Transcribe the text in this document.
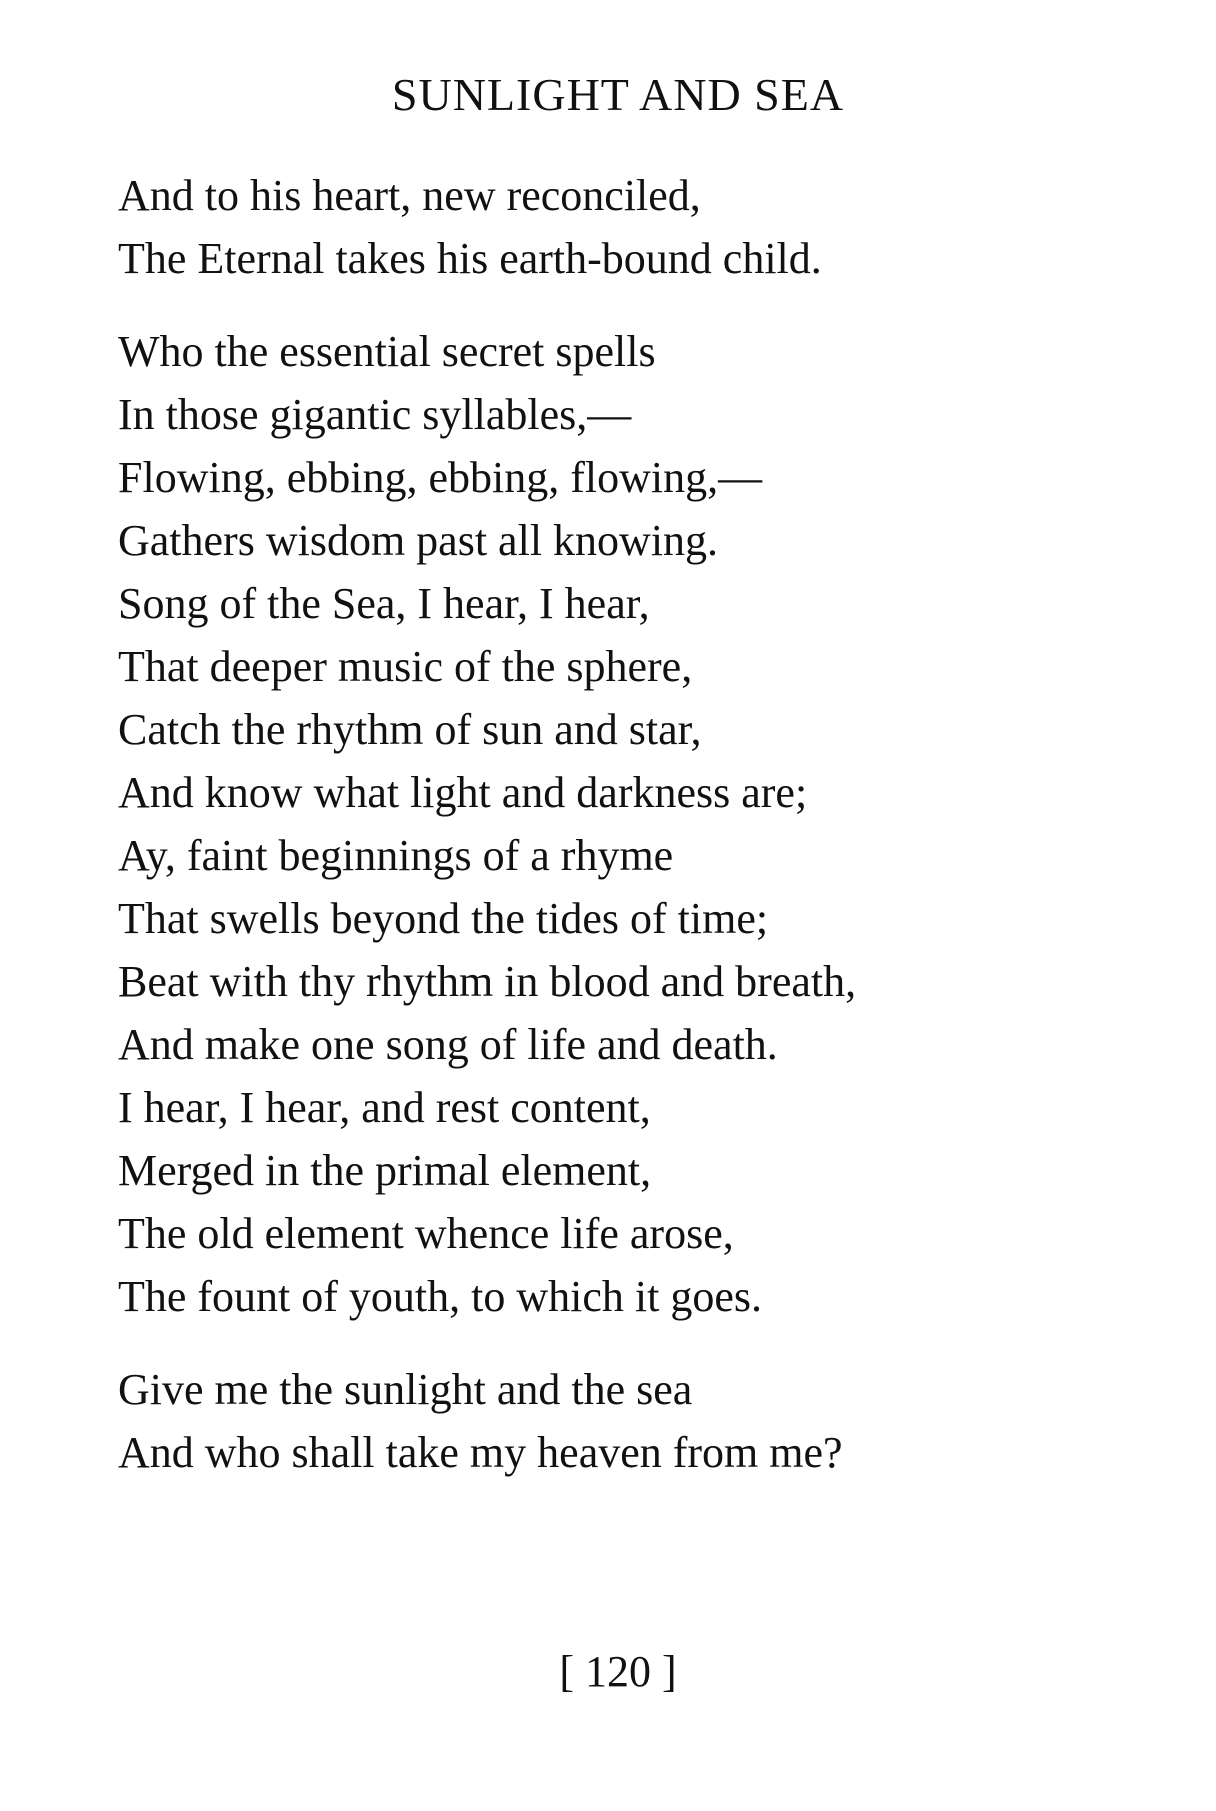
SUNLIGHT AND SEA

And to his heart, new reconciled,
The Eternal takes his earth-bound child.

Who the essential secret spells
In those gigantic syllables,—
Flowing, ebbing, ebbing, flowing,—
Gathers wisdom past all knowing.
Song of the Sea, I hear, I hear,
That deeper music of the sphere,
Catch the rhythm of sun and star,
And know what light and darkness are;
Ay, faint beginnings of a rhyme
That swells beyond the tides of time;
Beat with thy rhythm in blood and breath,
And make one song of life and death.
I hear, I hear, and rest content,
Merged in the primal element,
The old element whence life arose,
The fount of youth, to which it goes.

Give me the sunlight and the sea
And who shall take my heaven from me?

[ 120 ]
